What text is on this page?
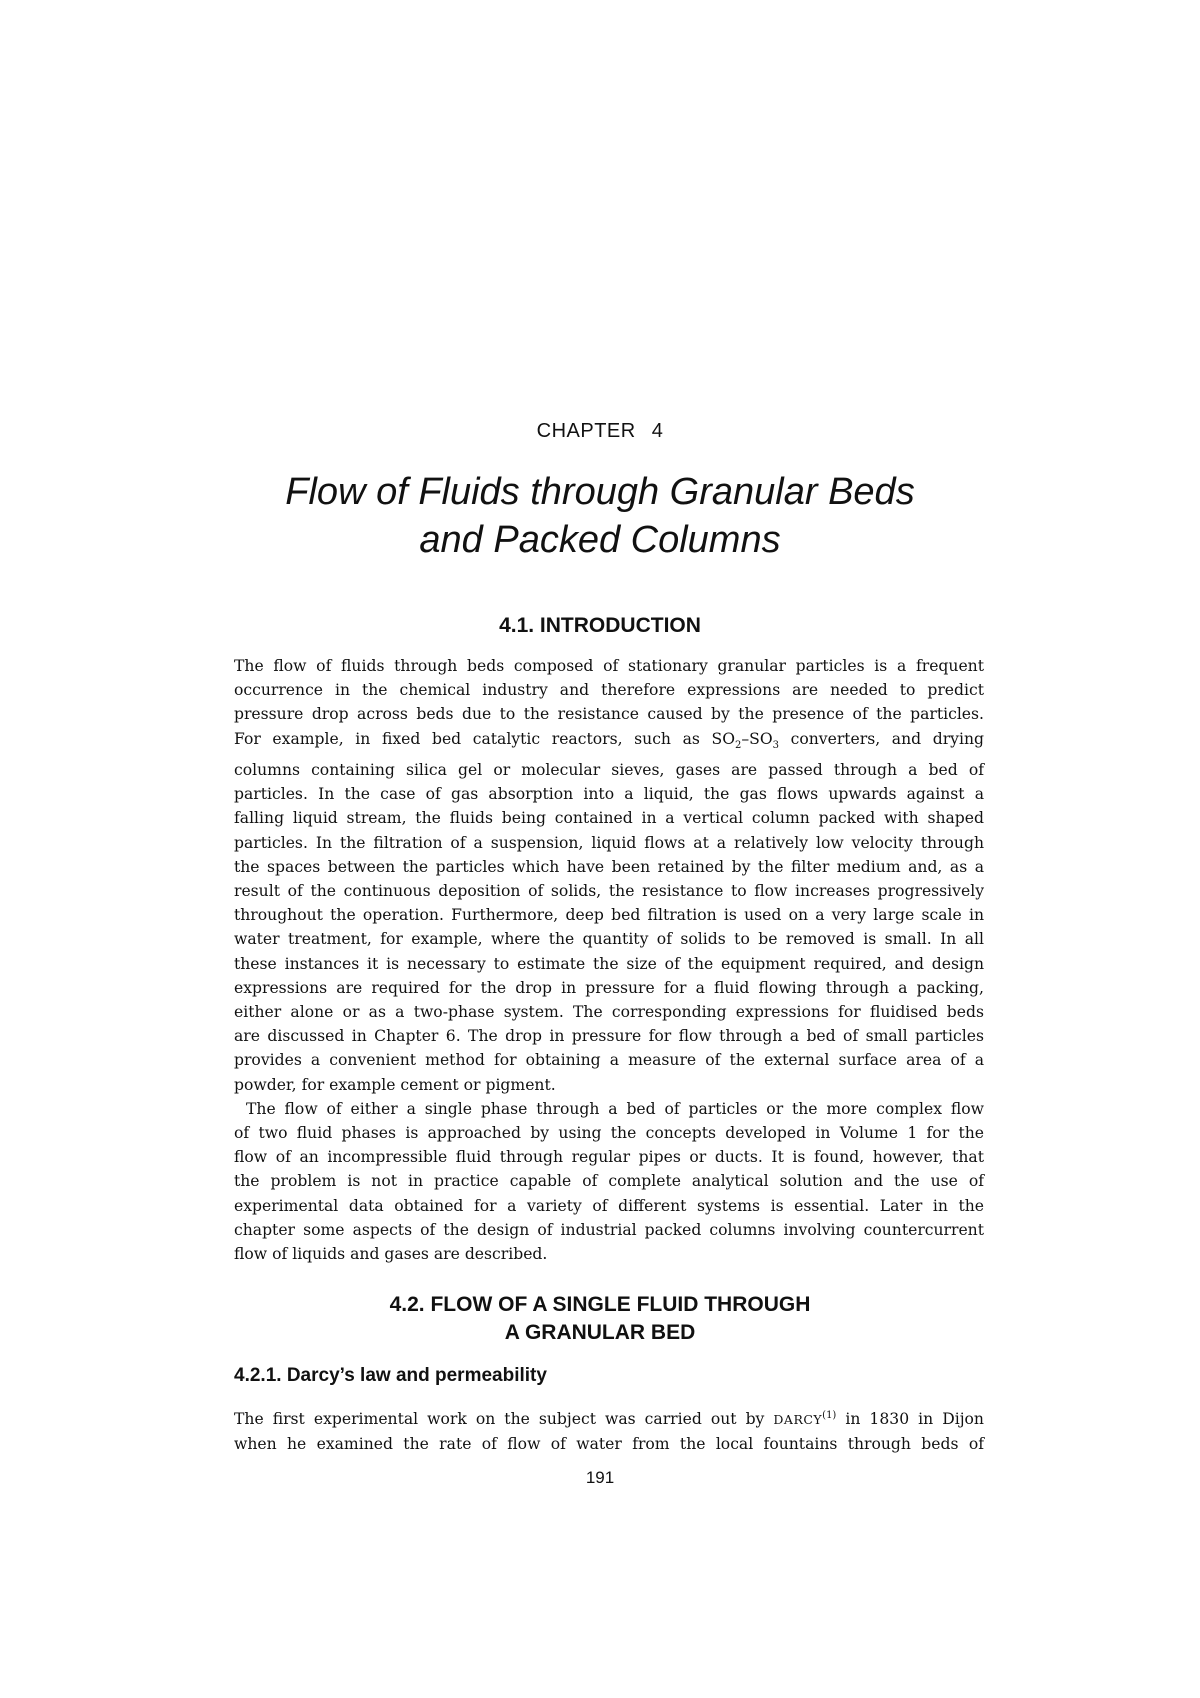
CHAPTER 4
Flow of Fluids through Granular Beds
and Packed Columns
4.1. INTRODUCTION

The flow of fluids through beds composed of stationary granular particles is a frequent

occurrence in the chemical industry and therefore expressions are needed to predict

pressure drop across beds due to the resistance caused by the presence of the particles.

For example, in fixed bed catalytic reactors, such as $SO_2-SO_3$ converters, and drying

columns containing silica gel or molecular sieves, gases are passed through a bed of

particles. In the case of gas absorption into a liquid, the gas flows upwards against a

falling liquid stream, the fluids being contained in a vertical column packed with shaped

particles. In the filtration of a suspension, liquid flows at a relatively low velocity through

the spaces between the particles which have been retained by the filter medium and, as a

result of the continuous deposition of solids, the resistance to flow increases progressively

throughout the operation. Furthermore, deep bed filtration is used on a very large scale in

water treatment, for example, where the quantity of solids to be removed is small. In all

these instances it is necessary to estimate the size of the equipment required, and design

expressions are required for the drop in pressure for a fluid flowing through a packing,

either alone or as a two-phase system. The corresponding expressions for fluidised beds

are discussed in Chapter 6. The drop in pressure for flow through a bed of small particles

provides a convenient method for obtaining a measure of the external surface area of a

powder, for example cement or pigment.

The flow of either a single phase through a bed of particles or the more complex flow

of two fluid phases is approached by using the concepts developed in Volume 1 for the

flow of an incompressible fluid through regular pipes or ducts. It is found, however, that

the problem is not in practice capable of complete analytical solution and the use of

experimental data obtained for a variety of different systems is essential. Later in the

chapter some aspects of the design of industrial packed columns involving countercurrent

flow of liquids and gases are described.

4.2. FLOW OF A SINGLE FLUID THROUGH
A GRANULAR BED
4.2.1. Darcy’s law and permeability

The first experimental work on the subject was carried out by DARCY$^{(1)}$ in 1830 in Dijon

when he examined the rate of flow of water from the local fountains through beds of

191
